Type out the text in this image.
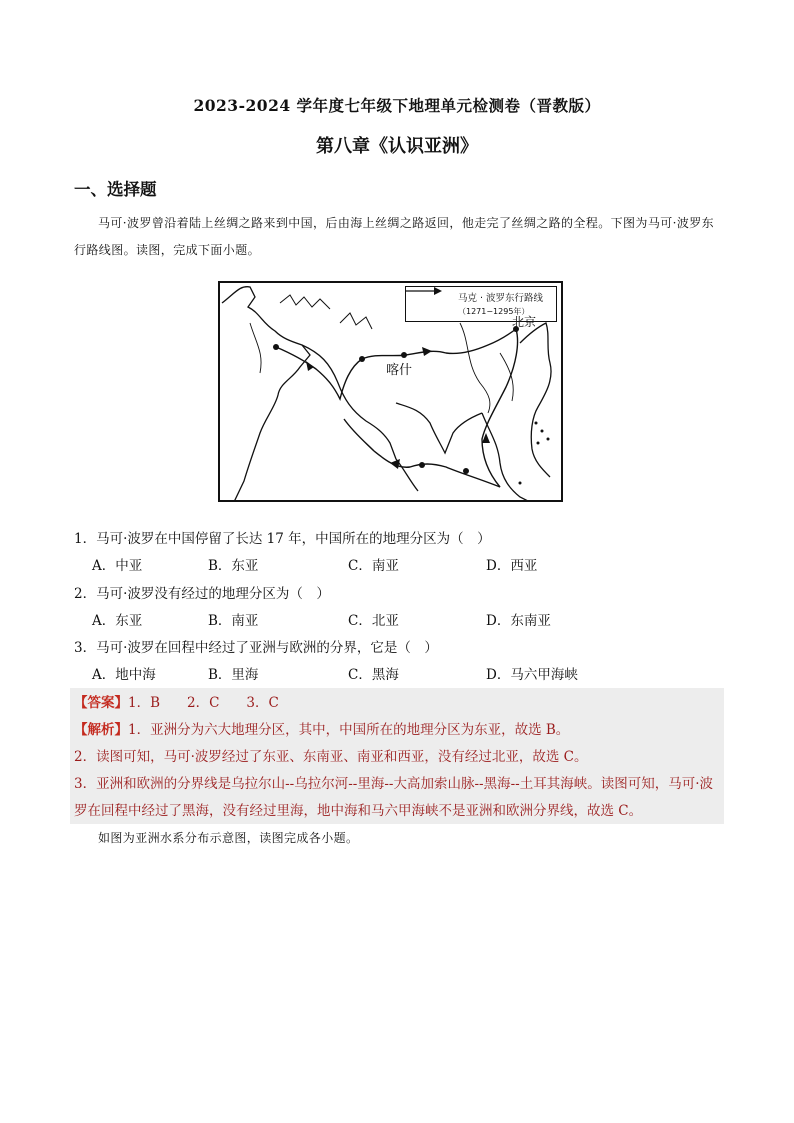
2023-2024 学年度七年级下地理单元检测卷（晋教版）
第八章《认识亚洲》
一、选择题
马可·波罗曾沿着陆上丝绸之路来到中国，后由海上丝绸之路返回，他走完了丝绸之路的全程。下图为马可·波罗东行路线图。读图，完成下面小题。
马克 · 波罗东行路线
（1271−1295年）
北京
喀什
1．马可·波罗在中国停留了长达 17 年，中国所在的地理分区为（　）
A．中亚	B．东亚	C．南亚	D．西亚
2．马可·波罗没有经过的地理分区为（　）
A．东亚	B．南亚	C．北亚	D．东南亚
3．马可·波罗在回程中经过了亚洲与欧洲的分界，它是（　）
A．地中海	B．里海	C．黑海	D．马六甲海峡
【答案】1．B　　2．C　　3．C
【解析】1．亚洲分为六大地理分区，其中，中国所在的地理分区为东亚，故选 B。
2．读图可知，马可·波罗经过了东亚、东南亚、南亚和西亚，没有经过北亚，故选 C。
3．亚洲和欧洲的分界线是乌拉尔山--乌拉尔河--里海--大高加索山脉--黑海--土耳其海峡。读图可知，马可·波
罗在回程中经过了黑海，没有经过里海，地中海和马六甲海峡不是亚洲和欧洲分界线，故选 C。
如图为亚洲水系分布示意图，读图完成各小题。
